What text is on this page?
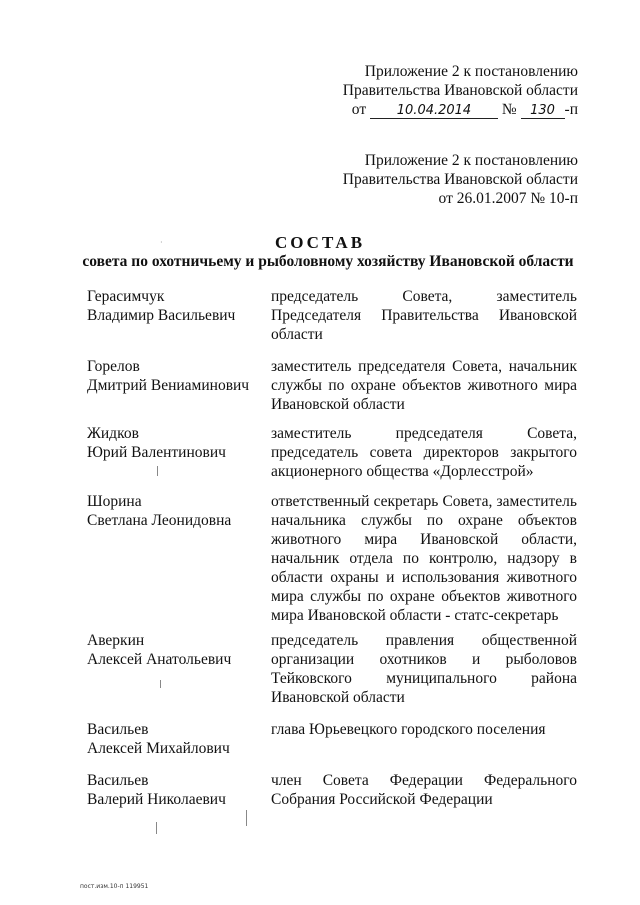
Приложение 2 к постановлению
Правительства Ивановской области
от 10.04.2014 № 130 -п
Приложение 2 к постановлению
Правительства Ивановской области
от 26.01.2007 № 10-п
СОСТАВ
совета по охотничьему и рыболовному хозяйству Ивановской области
Герасимчук
Владимир Васильевич
председатель Совета, заместитель
Председателя Правительства Ивановской
области
Горелов
Дмитрий Вениаминович
заместитель председателя Совета, начальник
службы по охране объектов животного мира
Ивановской области
Жидков
Юрий Валентинович
заместитель председателя Совета,
председатель совета директоров закрытого
акционерного общества «Дорлесстрой»
Шорина
Светлана Леонидовна
ответственный секретарь Совета, заместитель
начальника службы по охране объектов
животного мира Ивановской области,
начальник отдела по контролю, надзору в
области охраны и использования животного
мира службы по охране объектов животного
мира Ивановской области - статс-секретарь
Аверкин
Алексей Анатольевич
председатель правления общественной
организации охотников и рыболовов
Тейковского муниципального района
Ивановской области
Васильев
Алексей Михайлович
глава Юрьевецкого городского поселения
Васильев
Валерий Николаевич
член Совета Федерации Федерального
Собрания Российской Федерации
·
пост.изм.10-п 119951
